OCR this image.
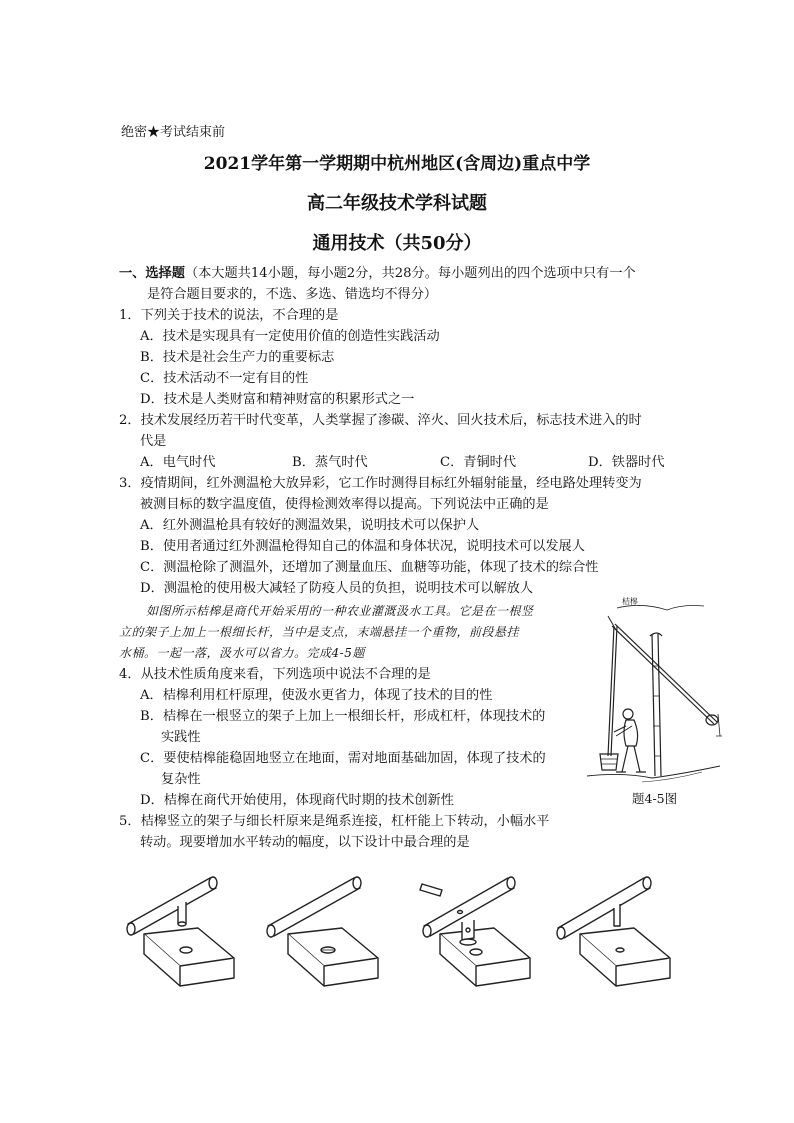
绝密★考试结束前
2021学年第一学期期中杭州地区(含周边)重点中学
高二年级技术学科试题
通用技术（共50分）
一、选择题（本大题共14小题，每小题2分，共28分。每小题列出的四个选项中只有一个
是符合题目要求的，不选、多选、错选均不得分）
1．下列关于技术的说法，不合理的是
A．技术是实现具有一定使用价值的创造性实践活动
B．技术是社会生产力的重要标志
C．技术活动不一定有目的性
D．技术是人类财富和精神财富的积累形式之一
2．技术发展经历若干时代变革，人类掌握了渗碳、淬火、回火技术后，标志技术进入的时
代是
A．电气时代	B．蒸气时代	C．青铜时代	D．铁器时代
3．疫情期间，红外测温枪大放异彩，它工作时测得目标红外辐射能量，经电路处理转变为
被测目标的数字温度值，使得检测效率得以提高。下列说法中正确的是
A．红外测温枪具有较好的测温效果，说明技术可以保护人
B．使用者通过红外测温枪得知自己的体温和身体状况，说明技术可以发展人
C．测温枪除了测温外，还增加了测量血压、血糖等功能，体现了技术的综合性
D．测温枪的使用极大减轻了防疫人员的负担，说明技术可以解放人
如图所示桔槔是商代开始采用的一种农业灌溉汲水工具。它是在一根竖
立的架子上加上一根细长杆，当中是支点，末端悬挂一个重物，前段悬挂
水桶。一起一落，汲水可以省力。完成4-5题
4．从技术性质角度来看，下列选项中说法不合理的是
A．桔槔利用杠杆原理，使汲水更省力，体现了技术的目的性
B．桔槔在一根竖立的架子上加上一根细长杆，形成杠杆，体现技术的
实践性
C．要使桔槔能稳固地竖立在地面，需对地面基础加固，体现了技术的
复杂性
D．桔槔在商代开始使用，体现商代时期的技术创新性
5．桔槔竖立的架子与细长杆原来是绳系连接，杠杆能上下转动，小幅水平
转动。现要增加水平转动的幅度，以下设计中最合理的是
桔槔
题4-5图
